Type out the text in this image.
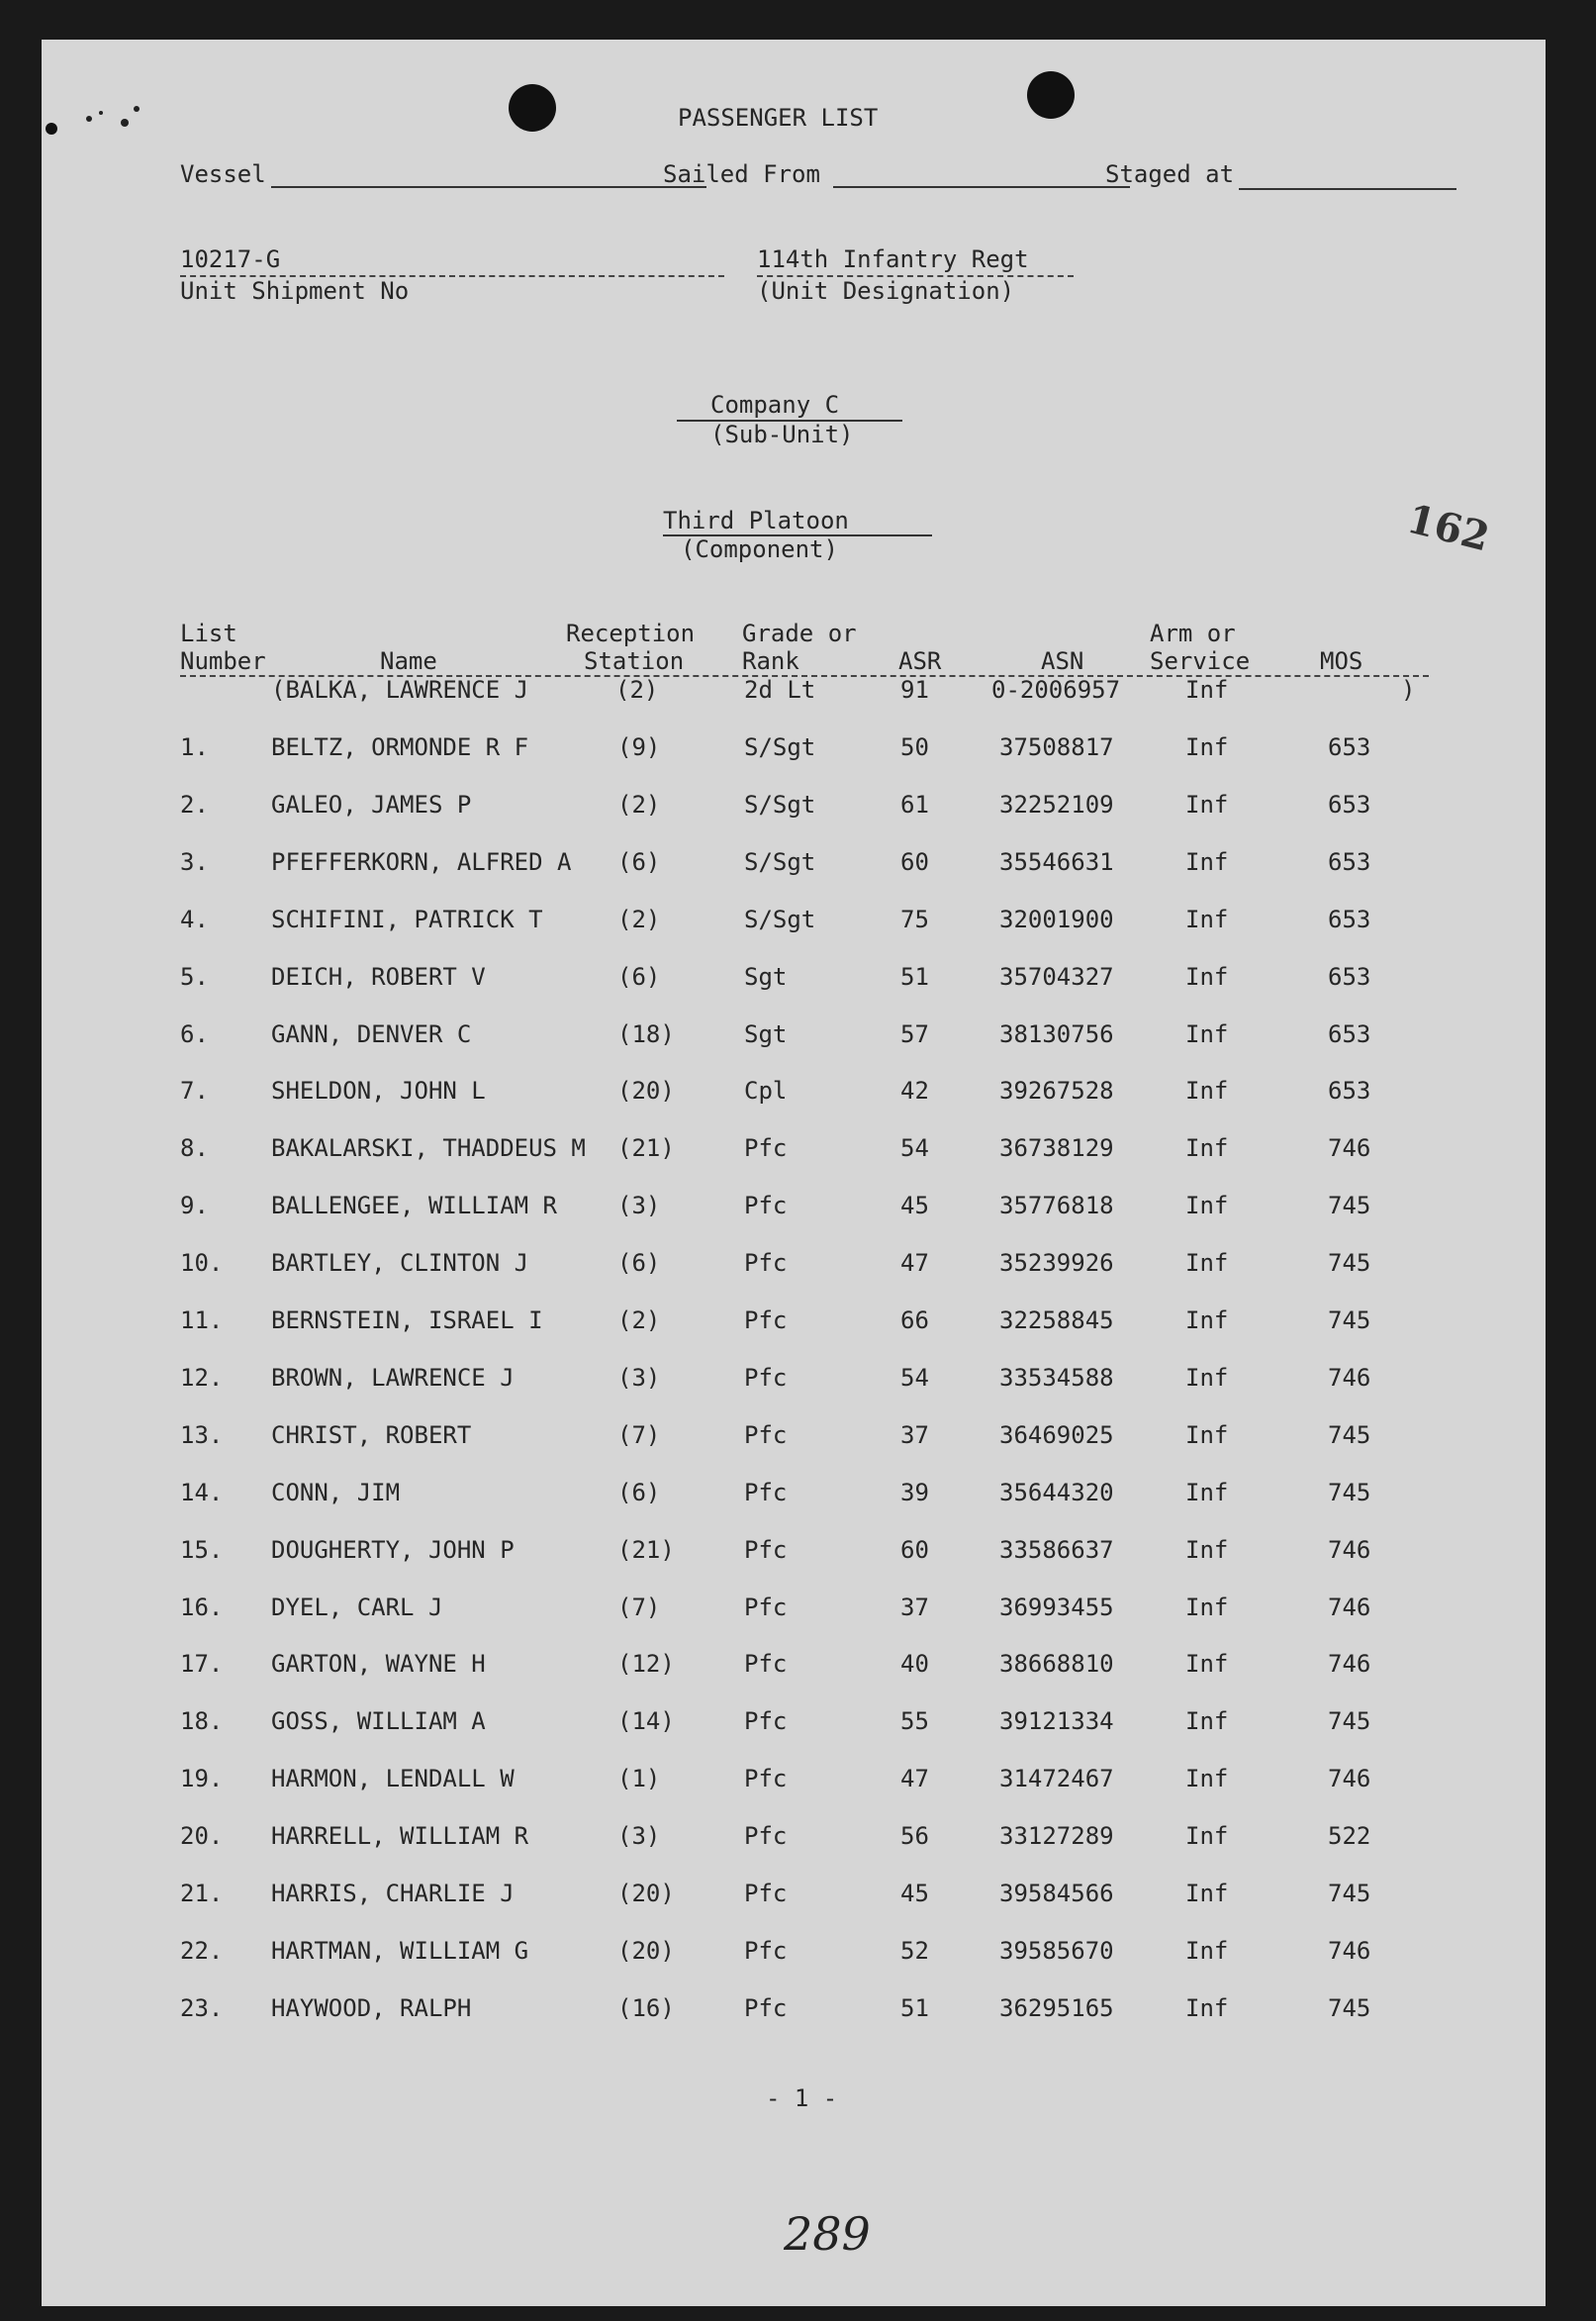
PASSENGER LIST
Vessel	Sailed From	Staged at
10217-G
Unit Shipment No
114th Infantry Regt
(Unit Designation)
Company C
(Sub-Unit)
Third Platoon
(Component)	162
List
Number	Name
Reception
Station
Grade or
Rank	ASR	ASN
Arm or
Service	MOS
(BALKA, LAWRENCE J	(2)	2d Lt	91	0-2006957	Inf	)
1.	BELTZ, ORMONDE R F	(9)	S/Sgt	50	37508817	Inf	653
2.	GALEO, JAMES P	(2)	S/Sgt	61	32252109	Inf	653
3.	PFEFFERKORN, ALFRED A (6)	S/Sgt	60	35546631	Inf	653
4.	SCHIFINI, PATRICK T	(2)	S/Sgt	75	32001900	Inf	653
5.	DEICH, ROBERT V	(6)	Sgt	51	35704327	Inf	653
6.	GANN, DENVER C	(18)	Sgt	57	38130756	Inf	653
7.	SHELDON, JOHN L	(20)	Cpl	42	39267528	Inf	653
8.	BAKALARSKI, THADDEUS M (21)	Pfc	54	36738129	Inf	746
9.	BALLENGEE, WILLIAM R	(3)	Pfc	45	35776818	Inf	745
10. BARTLEY, CLINTON J	(6)	Pfc	47	35239926	Inf	745
11. BERNSTEIN, ISRAEL I	(2)	Pfc	66	32258845	Inf	745
12. BROWN, LAWRENCE J	(3)	Pfc	54	33534588	Inf	746
13. CHRIST, ROBERT	(7)	Pfc	37	36469025	Inf	745
14. CONN, JIM	(6)	Pfc	39	35644320	Inf	745
15. DOUGHERTY, JOHN P	(21)	Pfc	60	33586637	Inf	746
16. DYEL, CARL J	(7)	Pfc	37	36993455	Inf	746
17. GARTON, WAYNE H	(12)	Pfc	40	38668810	Inf	746
18. GOSS, WILLIAM A	(14)	Pfc	55	39121334	Inf	745
19. HARMON, LENDALL W	(1)	Pfc	47	31472467	Inf	746
20. HARRELL, WILLIAM R	(3)	Pfc	56	33127289	Inf	522
21. HARRIS, CHARLIE J	(20)	Pfc	45	39584566	Inf	745
22. HARTMAN, WILLIAM G	(20)	Pfc	52	39585670	Inf	746
23. HAYWOOD, RALPH	(16)	Pfc	51	36295165	Inf	745
- 1 -
289
